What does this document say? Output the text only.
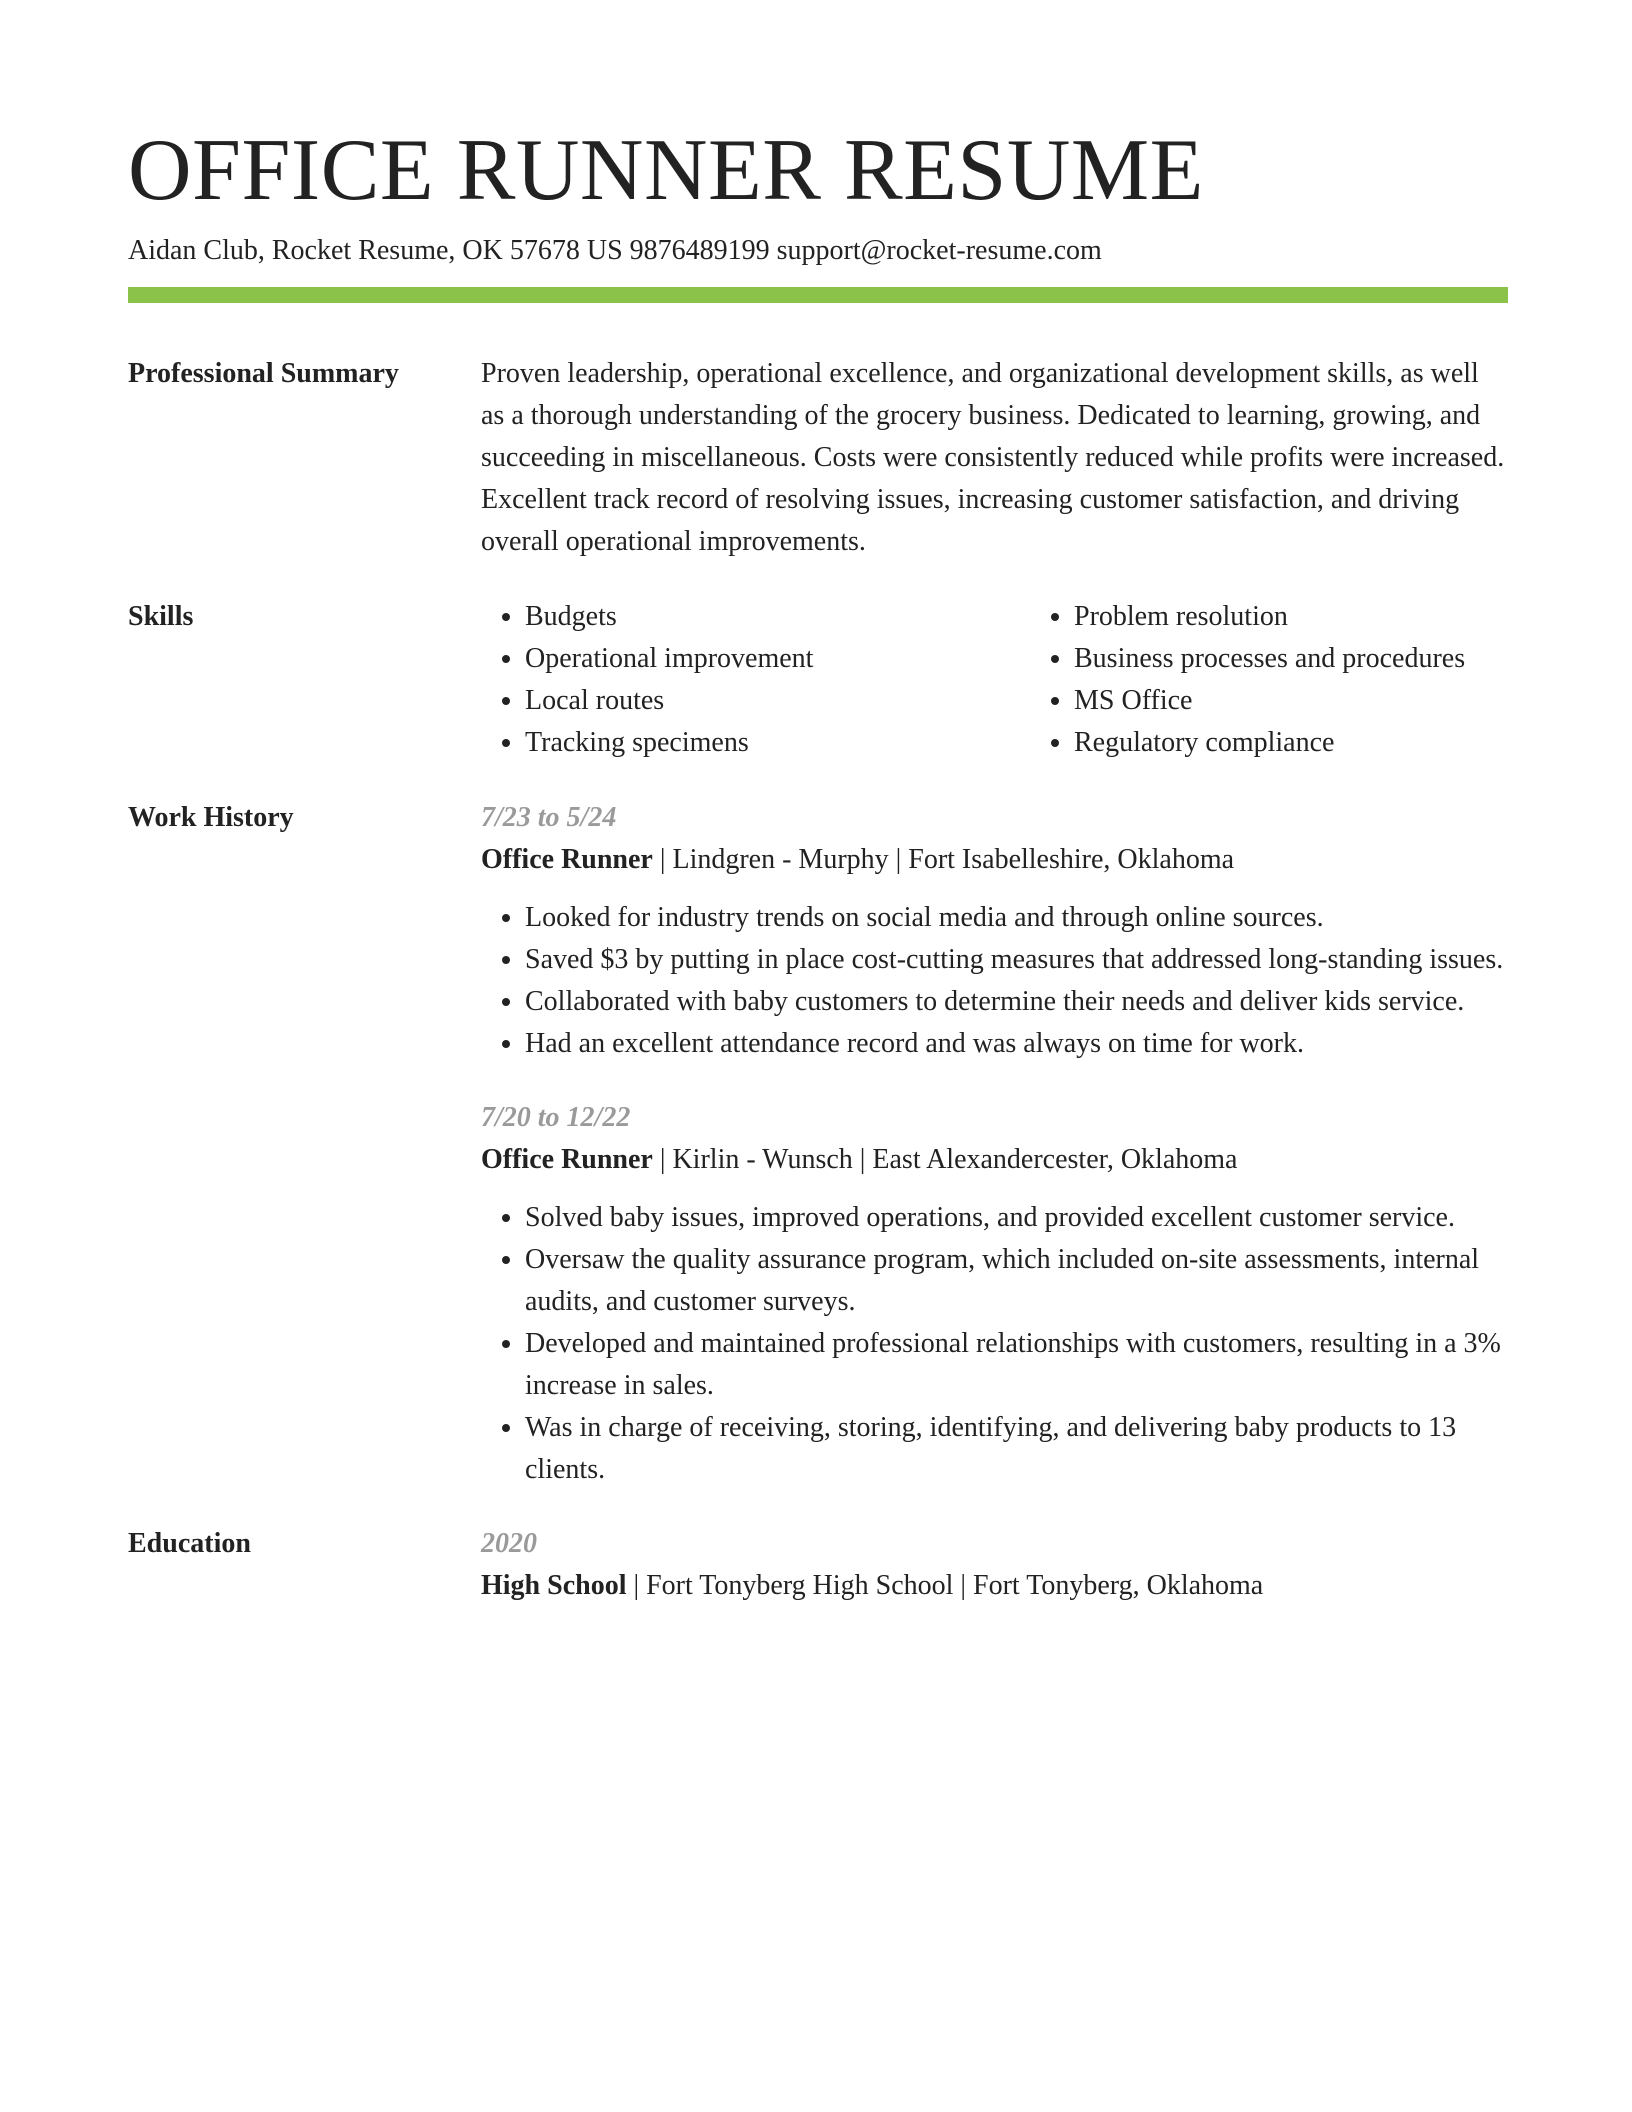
OFFICE RUNNER RESUME
Aidan Club, Rocket Resume, OK 57678 US 9876489199 support@rocket-resume.com
Professional Summary	Proven leadership, operational excellence, and organizational development skills, as well as a thorough understanding of the grocery business. Dedicated to learning, growing, and succeeding in miscellaneous. Costs were consistently reduced while profits were increased. Excellent track record of resolving issues, increasing customer satisfaction, and driving overall operational improvements.
Skills
•	Budgets
• Operational improvement
• Local routes
• Tracking specimens
• Problem resolution
• Business processes and procedures
• MS Office
• Regulatory compliance
Work History	7/23 to 5/24
Office Runner | Lindgren - Murphy | Fort Isabelleshire, Oklahoma
• Looked for industry trends on social media and through online sources.
• Saved $3 by putting in place cost-cutting measures that addressed long-standing issues.
• Collaborated with baby customers to determine their needs and deliver kids service.
• Had an excellent attendance record and was always on time for work.
7/20 to 12/22
Office Runner | Kirlin - Wunsch | East Alexandercester, Oklahoma
• Solved baby issues, improved operations, and provided excellent customer service.
• Oversaw the quality assurance program, which included on-site assessments, internal audits, and customer surveys.
• Developed and maintained professional relationships with customers, resulting in a 3% increase in sales.
• Was in charge of receiving, storing, identifying, and delivering baby products to 13 clients.
Education	2020
High School | Fort Tonyberg High School | Fort Tonyberg, Oklahoma
